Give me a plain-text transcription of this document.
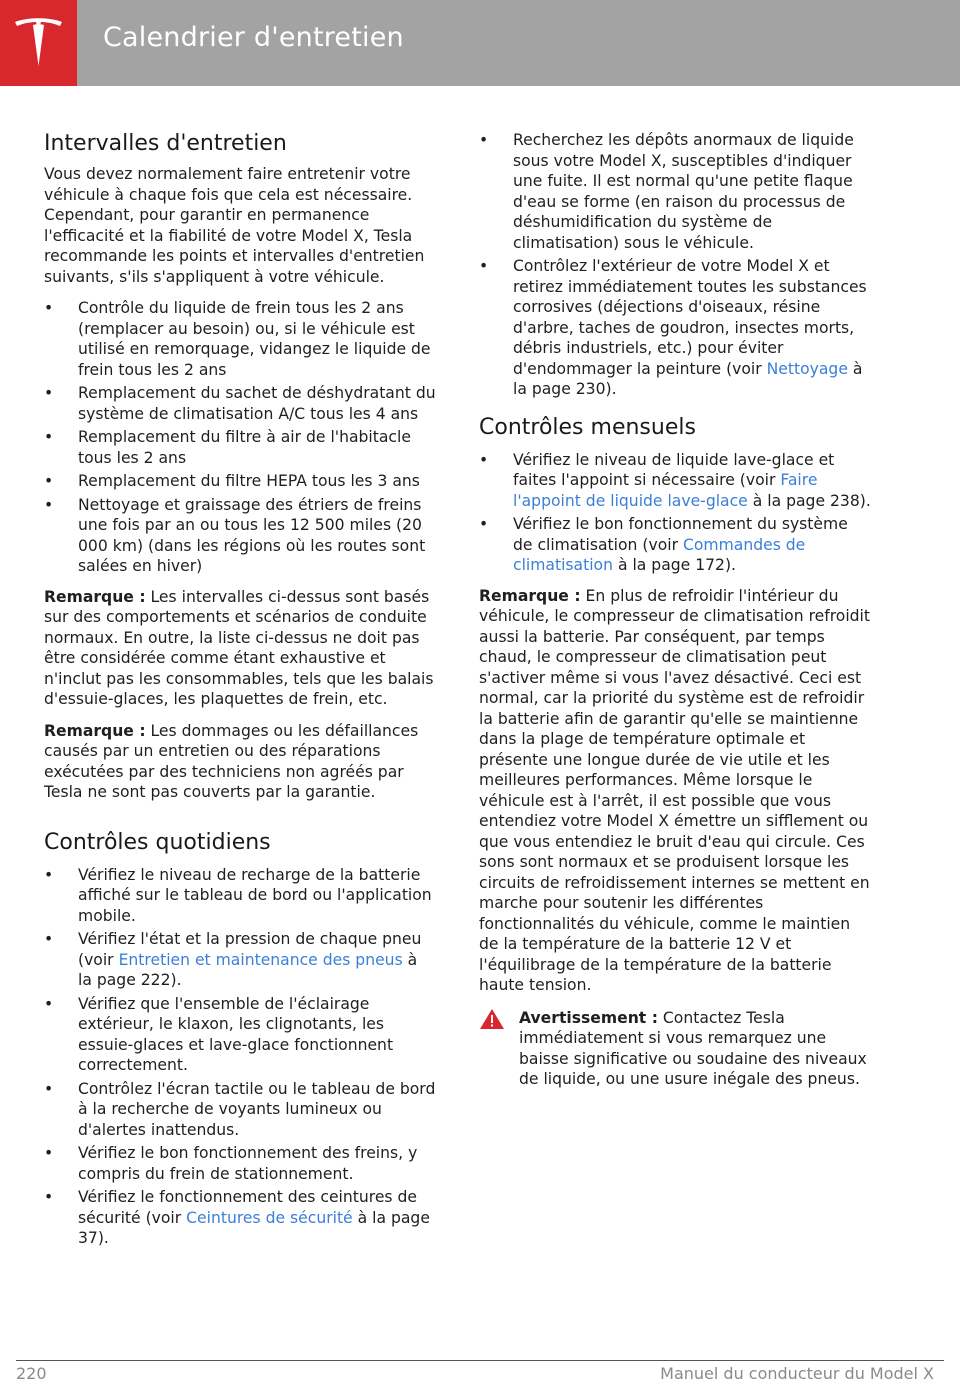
Calendrier d'entretien
Intervalles d'entretien

Vous devez normalement faire entretenir votre véhicule à chaque fois que cela est nécessaire. Cependant, pour garantir en permanence l'efficacité et la fiabilité de votre Model X, Tesla recommande les points et intervalles d'entretien suivants, s'ils s'appliquent à votre véhicule.

• Contrôle du liquide de frein tous les 2 ans (remplacer au besoin) ou, si le véhicule est utilisé en remorquage, vidangez le liquide de frein tous les 2 ans
• Remplacement du sachet de déshydratant du système de climatisation A/C tous les 4 ans
• Remplacement du filtre à air de l'habitacle tous les 2 ans
• Remplacement du filtre HEPA tous les 3 ans
• Nettoyage et graissage des étriers de freins une fois par an ou tous les 12 500 miles (20 000 km) (dans les régions où les routes sont salées en hiver)

Remarque : Les intervalles ci-dessus sont basés sur des comportements et scénarios de conduite normaux. En outre, la liste ci-dessus ne doit pas être considérée comme étant exhaustive et n'inclut pas les consommables, tels que les balais d'essuie-glaces, les plaquettes de frein, etc.

Remarque : Les dommages ou les défaillances causés par un entretien ou des réparations exécutées par des techniciens non agréés par Tesla ne sont pas couverts par la garantie.

Contrôles quotidiens
• Vérifiez le niveau de recharge de la batterie affiché sur le tableau de bord ou l'application mobile.
• Vérifiez l'état et la pression de chaque pneu (voir Entretien et maintenance des pneus à la page 222).
• Vérifiez que l'ensemble de l'éclairage extérieur, le klaxon, les clignotants, les essuie-glaces et lave-glace fonctionnent correctement.
• Contrôlez l'écran tactile ou le tableau de bord à la recherche de voyants lumineux ou d'alertes inattendus.
• Vérifiez le bon fonctionnement des freins, y compris du frein de stationnement.
• Vérifiez le fonctionnement des ceintures de sécurité (voir Ceintures de sécurité à la page 37).
• Recherchez les dépôts anormaux de liquide sous votre Model X, susceptibles d'indiquer une fuite. Il est normal qu'une petite flaque d'eau se forme (en raison du processus de déshumidification du système de climatisation) sous le véhicule.
• Contrôlez l'extérieur de votre Model X et retirez immédiatement toutes les substances corrosives (déjections d'oiseaux, résine d'arbre, taches de goudron, insectes morts, débris industriels, etc.) pour éviter d'endommager la peinture (voir Nettoyage à la page 230).
Contrôles mensuels
• Vérifiez le niveau de liquide lave-glace et faites l'appoint si nécessaire (voir Faire l'appoint de liquide lave-glace à la page 238).
• Vérifiez le bon fonctionnement du système de climatisation (voir Commandes de climatisation à la page 172).

Remarque : En plus de refroidir l'intérieur du véhicule, le compresseur de climatisation refroidit aussi la batterie. Par conséquent, par temps chaud, le compresseur de climatisation peut s'activer même si vous l'avez désactivé. Ceci est normal, car la priorité du système est de refroidir la batterie afin de garantir qu'elle se maintienne dans la plage de température optimale et présente une longue durée de vie utile et les meilleures performances. Même lorsque le véhicule est à l'arrêt, il est possible que vous entendiez votre Model X émettre un sifflement ou que vous entendiez le bruit d'eau qui circule. Ces sons sont normaux et se produisent lorsque les circuits de refroidissement internes se mettent en marche pour soutenir les différentes fonctionnalités du véhicule, comme le maintien de la température de la batterie 12 V et l'équilibrage de la température de la batterie haute tension.

Avertissement : Contactez Tesla immédiatement si vous remarquez une baisse significative ou soudaine des niveaux de liquide, ou une usure inégale des pneus.
220	Manuel du conducteur du Model X
